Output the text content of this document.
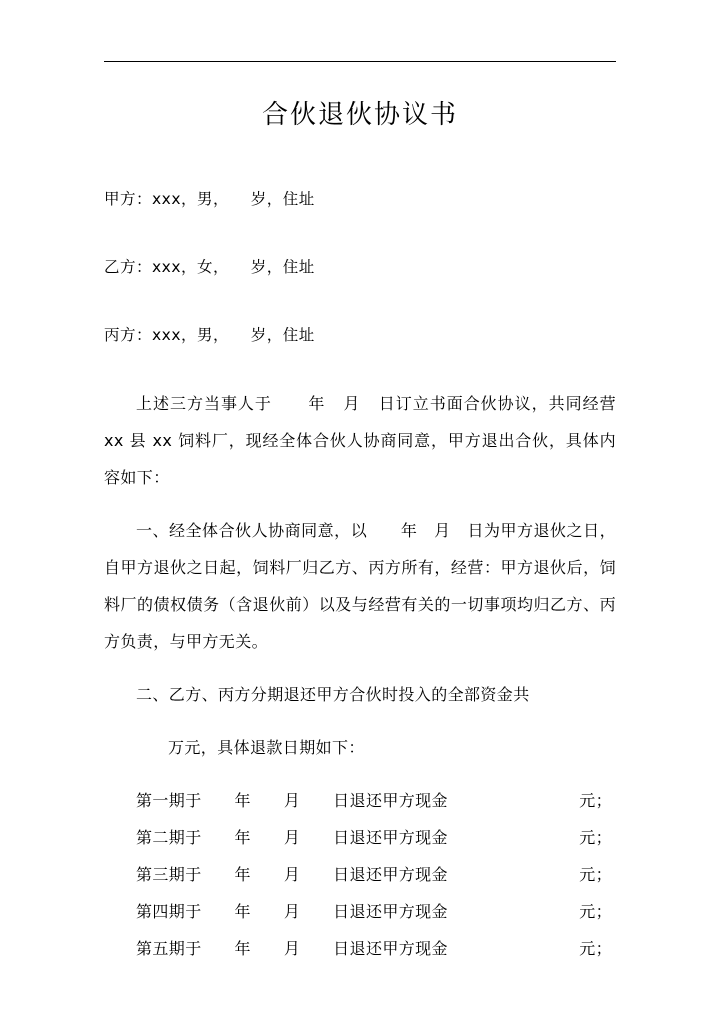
合伙退伙协议书
甲方：xxx，男，    岁，住址
乙方：xxx，女，    岁，住址
丙方：xxx，男，    岁，住址

上述三方当事人于      年   月   日订立书面合伙协议，共同经营 xx 县 xx 饲料厂，现经全体合伙人协商同意，甲方退出合伙，具体内容如下：

一、经全体合伙人协商同意，以      年   月   日为甲方退伙之日，自甲方退伙之日起，饲料厂归乙方、丙方所有，经营：甲方退伙后，饲料厂的债权债务（含退伙前）以及与经营有关的一切事项均归乙方、丙方负责，与甲方无关。

二、乙方、丙方分期退还甲方合伙时投入的全部资金共

万元，具体退款日期如下：

第一期于      年      月      日退还甲方现金	元；
第二期于      年      月      日退还甲方现金	元；
第三期于      年      月      日退还甲方现金	元；
第四期于      年      月      日退还甲方现金	元；
第五期于      年      月      日退还甲方现金	元；
